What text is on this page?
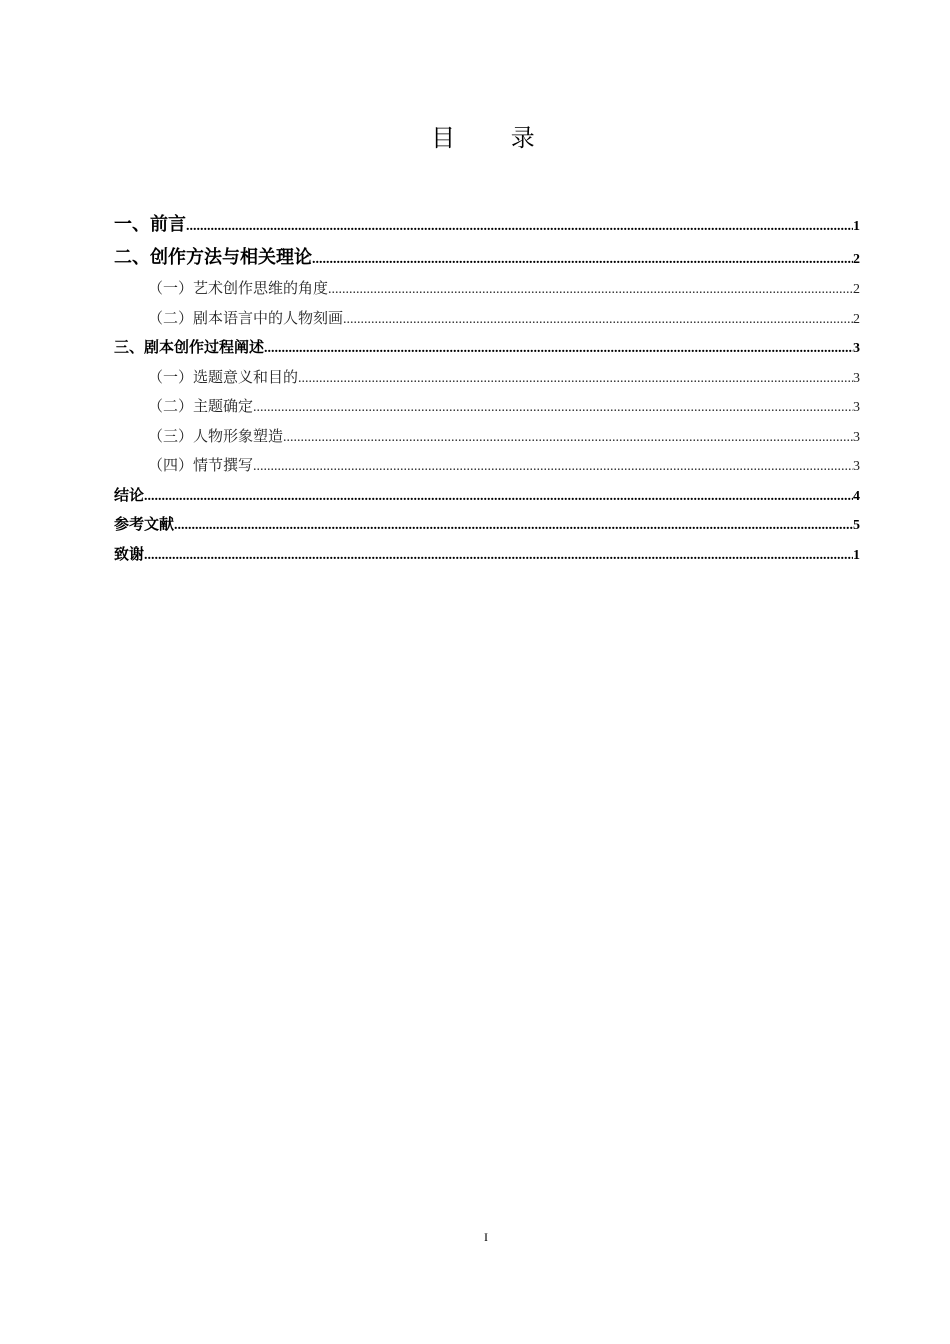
目 录
一、前言 .....	1
二、创作方法与相关理论 .....	2
（一）艺术创作思维的角度 .....	2
（二）剧本语言中的人物刻画 .....	2
三、剧本创作过程阐述 .....	3
（一）选题意义和目的 .....	3
（二）主题确定 .....	3
（三）人物形象塑造 .....	3
（四）情节撰写 .....	3
结论 .....	4
参考文献 .....	5
致谢 .....	1
I
